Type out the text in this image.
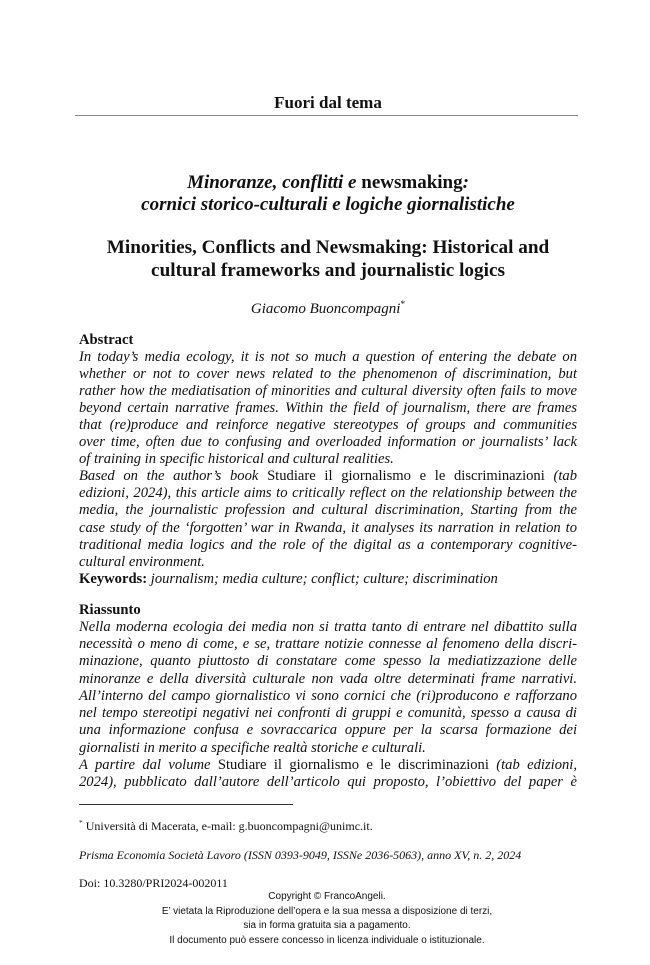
Fuori dal tema
Minoranze, conflitti e newsmaking:
cornici storico-culturali e logiche giornalistiche
Minorities, Conflicts and Newsmaking: Historical and
cultural frameworks and journalistic logics
Giacomo Buoncompagni*
Abstract
In today’s media ecology, it is not so much a question of entering the debate on
whether or not to cover news related to the phenomenon of discrimination, but
rather how the mediatisation of minorities and cultural diversity often fails to move
beyond certain narrative frames. Within the field of journalism, there are frames
that (re)produce and reinforce negative stereotypes of groups and communities
over time, often due to confusing and overloaded information or journalists’ lack
of training in specific historical and cultural realities.
Based on the author’s book Studiare il giornalismo e le discriminazioni (tab
edizioni, 2024), this article aims to critically reflect on the relationship between the
media, the journalistic profession and cultural discrimination, Starting from the
case study of the ‘forgotten’ war in Rwanda, it analyses its narration in relation to
traditional media logics and the role of the digital as a contemporary cognitive-
cultural environment.
Keywords: journalism; media culture; conflict; culture; discrimination
Riassunto
Nella moderna ecologia dei media non si tratta tanto di entrare nel dibattito sulla
necessità o meno di come, e se, trattare notizie connesse al fenomeno della discri-
minazione, quanto piuttosto di constatare come spesso la mediatizzazione delle
minoranze e della diversità culturale non vada oltre determinati frame narrativi.
All’interno del campo giornalistico vi sono cornici che (ri)producono e rafforzano
nel tempo stereotipi negativi nei confronti di gruppi e comunità, spesso a causa di
una informazione confusa e sovraccarica oppure per la scarsa formazione dei
giornalisti in merito a specifiche realtà storiche e culturali.
A partire dal volume Studiare il giornalismo e le discriminazioni (tab edizioni,
2024), pubblicato dall’autore dell’articolo qui proposto, l’obiettivo del paper è
* Università di Macerata, e-mail: g.buoncompagni@unimc.it.
Prisma Economia Società Lavoro (ISSN 0393-9049, ISSNe 2036-5063), anno XV, n. 2, 2024
Doi: 10.3280/PRI2024-002011
Copyright © FrancoAngeli.
E’ vietata la Riproduzione dell’opera e la sua messa a disposizione di terzi,
sia in forma gratuita sia a pagamento.
Il documento può essere concesso in licenza individuale o istituzionale.
